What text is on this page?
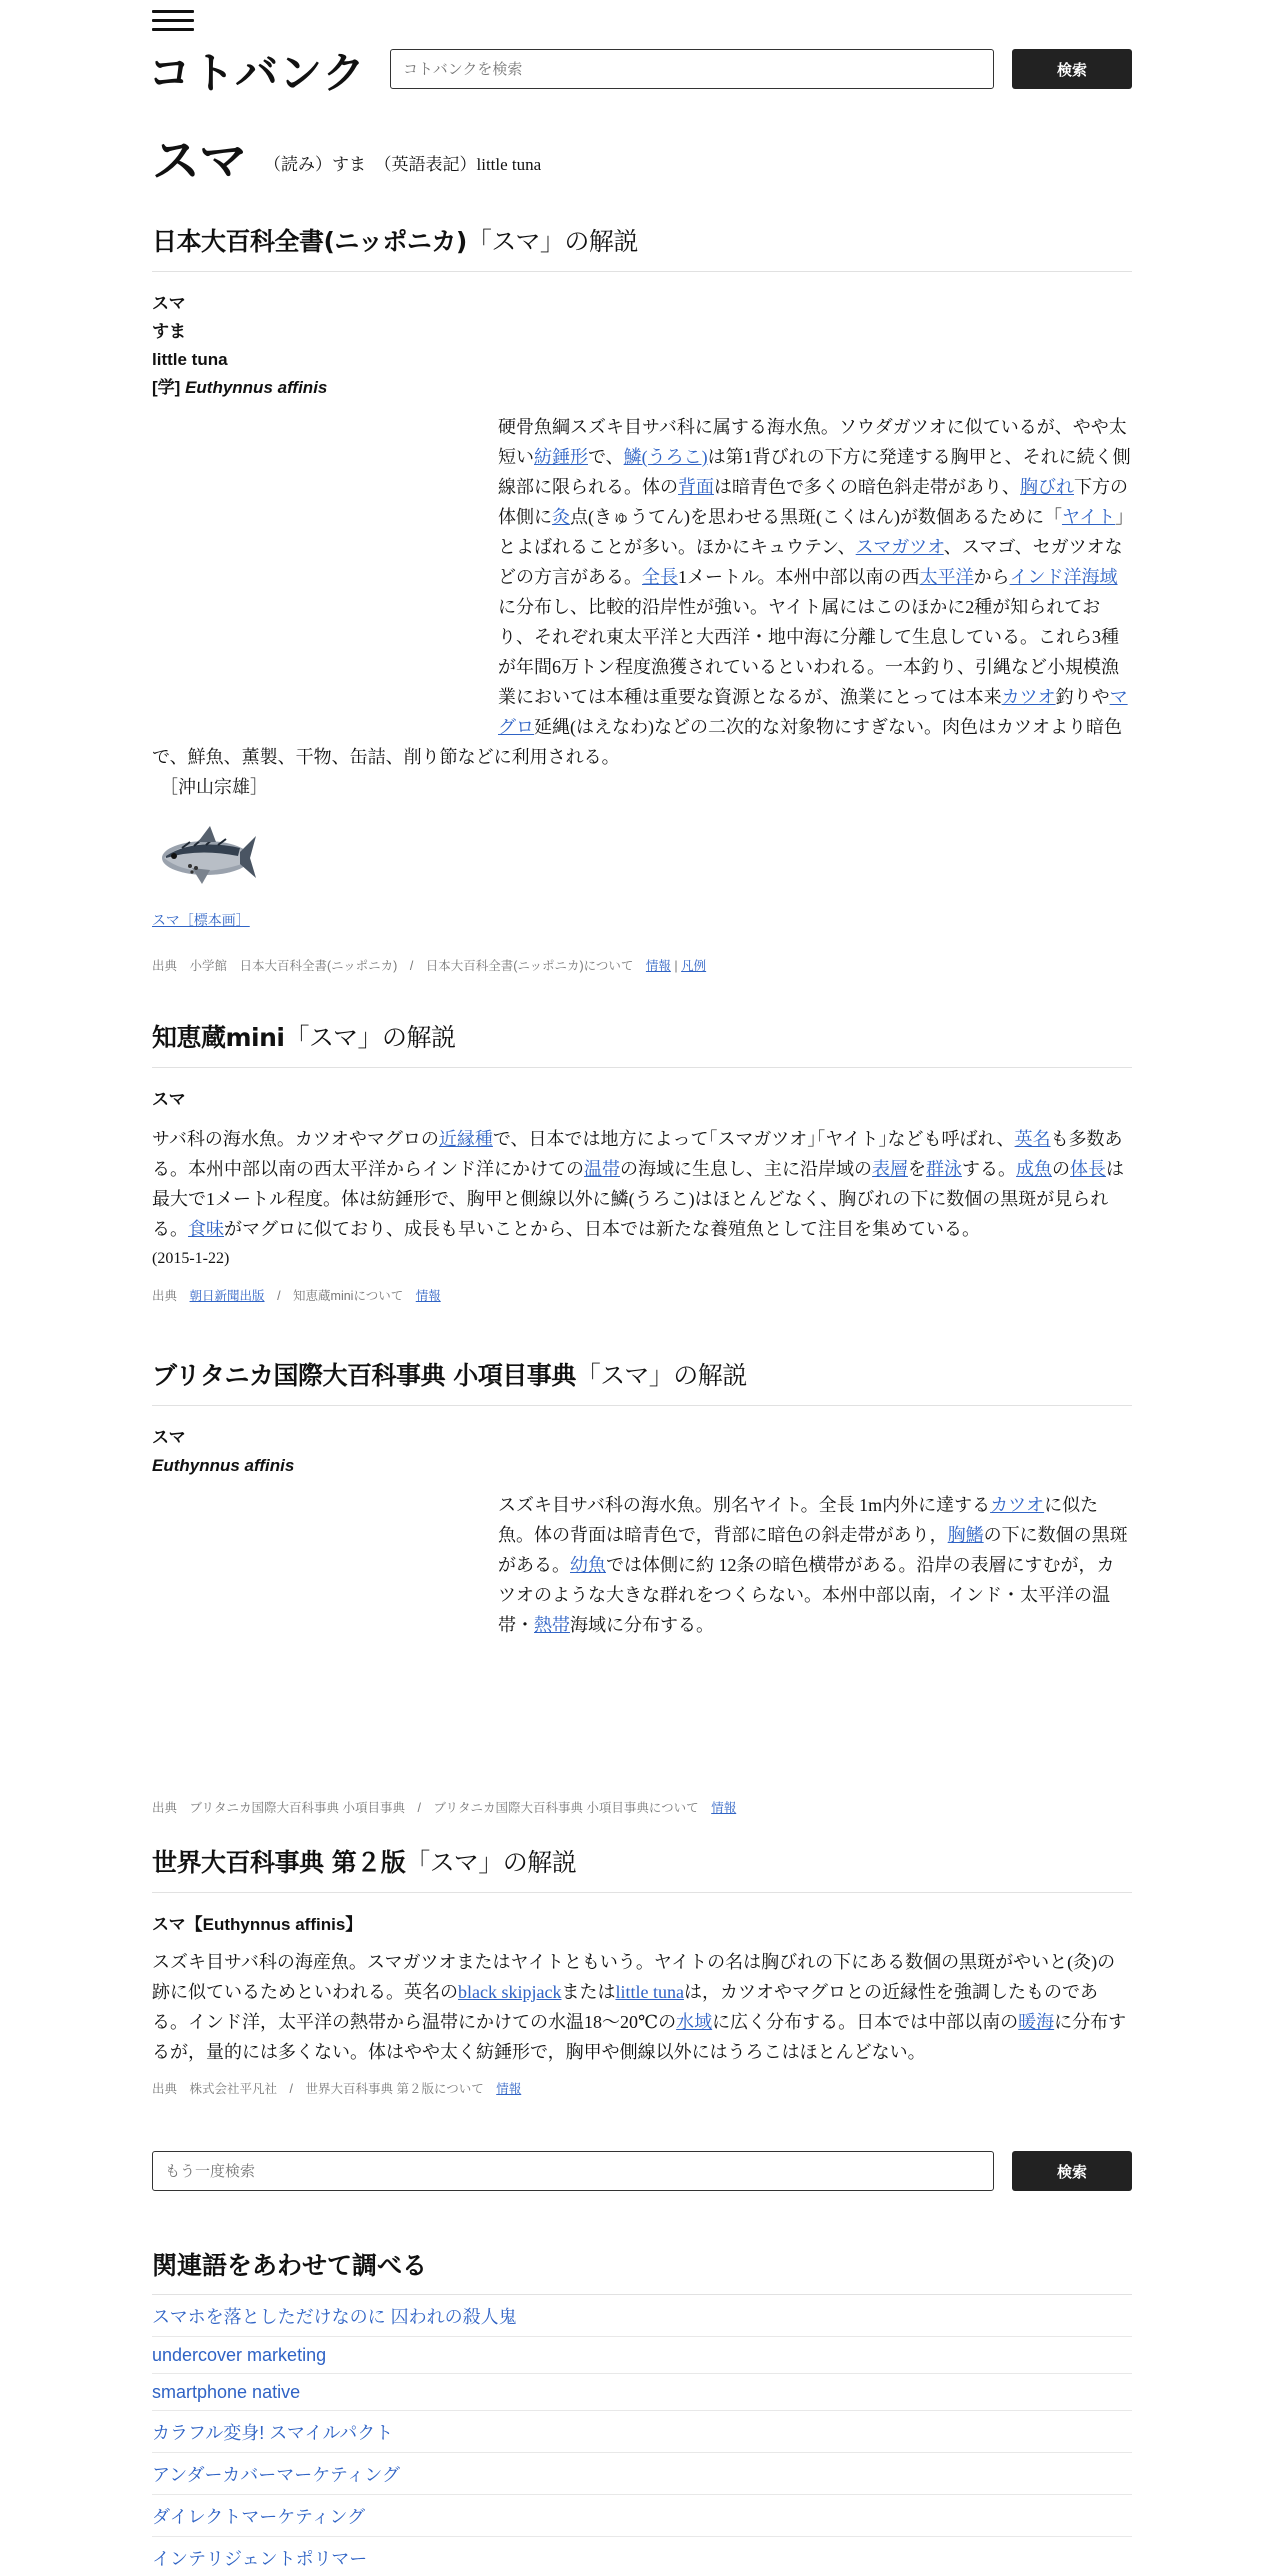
コトバンク
コトバンクを検索	検索
スマ （読み）すま　（英語表記）little tuna
日本大百科全書(ニッポニカ)「スマ」の解説
スマ
すま
little tuna
[学] Euthynnus affinis
硬骨魚綱スズキ目サバ科に属する海水魚。ソウダガツオに似ているが、やや太短い紡錘形で、鱗(うろこ)は第1背びれの下方に発達する胸甲と、それに続く側線部に限られる。体の背面は暗青色で多くの暗色斜走帯があり、胸びれ下方の体側に灸点(きゅうてん)を思わせる黒斑(こくはん)が数個あるために「ヤイト」とよばれることが多い。ほかにキュウテン、スマガツオ、スマゴ、セガツオなどの方言がある。全長1メートル。本州中部以南の西太平洋からインド洋海域に分布し、比較的沿岸性が強い。ヤイト属にはこのほかに2種が知られており、それぞれ東太平洋と大西洋・地中海に分離して生息している。これら3種が年間6万トン程度漁獲されているといわれる。一本釣り、引縄など小規模漁業においては本種は重要な資源となるが、漁業にとっては本来カツオ釣りやマグロ延縄(はえなわ)などの二次的な対象物にすぎない。肉色はカツオより暗色で、鮮魚、薫製、干物、缶詰、削り節などに利用される。
［沖山宗雄］
スマ［標本画］
出典　小学館　日本大百科全書(ニッポニカ)　/　日本大百科全書(ニッポニカ)について　 情報 | 凡例
知恵蔵mini「スマ」の解説
スマ
サバ科の海水魚。カツオやマグロの近縁種で、日本では地方によって｢スマガツオ｣｢ヤイト｣なども呼ばれ、英名も多数ある。本州中部以南の西太平洋からインド洋にかけての温帯の海域に生息し、主に沿岸域の表層を群泳する。成魚の体長は最大で1メートル程度。体は紡錘形で、胸甲と側線以外に鱗(うろこ)はほとんどなく、胸びれの下に数個の黒斑が見られる。食味がマグロに似ており、成長も早いことから、日本では新たな養殖魚として注目を集めている。
(2015-1-22)
出典　 朝日新聞出版　 /　知恵蔵miniについて　 情報
ブリタニカ国際大百科事典 小項目事典「スマ」の解説
スマ
Euthynnus affinis
スズキ目サバ科の海水魚。別名ヤイト。全長 1m内外に達するカツオに似た魚。体の背面は暗青色で，背部に暗色の斜走帯があり，胸鰭の下に数個の黒斑がある。幼魚では体側に約 12条の暗色横帯がある。沿岸の表層にすむが，カツオのような大きな群れをつくらない。本州中部以南，インド・太平洋の温帯・熱帯海域に分布する。
出典　ブリタニカ国際大百科事典 小項目事典　/　ブリタニカ国際大百科事典 小項目事典について　 情報
世界大百科事典 第２版「スマ」の解説
スマ【Euthynnus affinis】
スズキ目サバ科の海産魚。スマガツオまたはヤイトともいう。ヤイトの名は胸びれの下にある数個の黒斑がやいと(灸)の跡に似ているためといわれる。英名のblack skipjackまたはlittle tunaは，カツオやマグロとの近縁性を強調したものである。インド洋，太平洋の熱帯から温帯にかけての水温18～20℃の水域に広く分布する。日本では中部以南の暖海に分布するが，量的には多くない。体はやや太く紡錘形で，胸甲や側線以外にはうろこはほとんどない。
出典　株式会社平凡社　/　世界大百科事典 第２版について　 情報
もう一度検索
検索
関連語をあわせて調べる
スマホを落としただけなのに 囚われの殺人鬼
undercover marketing
smartphone native
カラフル変身! スマイルパクト
アンダーカバーマーケティング
ダイレクトマーケティング
インテリジェントポリマー
